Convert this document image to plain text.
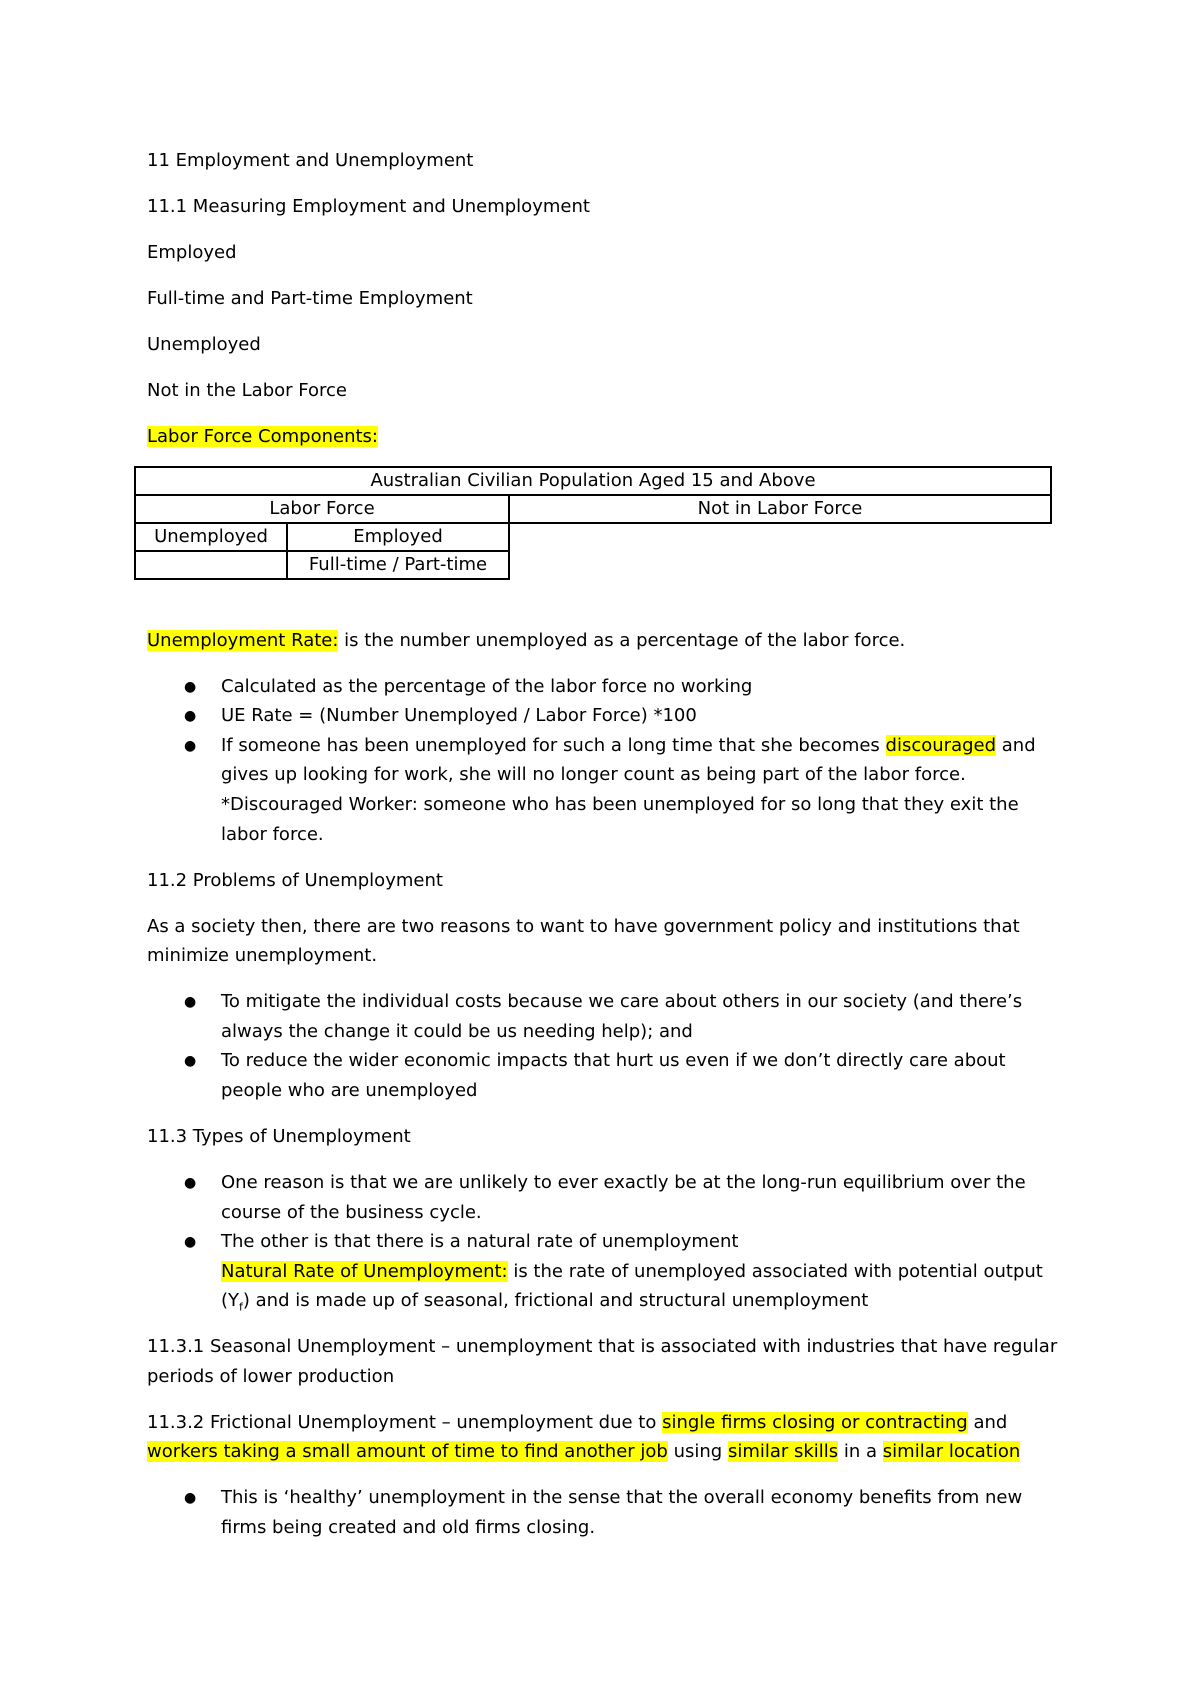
11 Employment and Unemployment

11.1 Measuring Employment and Unemployment

Employed

Full-time and Part-time Employment

Unemployed

Not in the Labor Force

Labor Force Components:

Australian Civilian Population Aged 15 and Above
Labor Force	Not in Labor Force
Unemployed	Employed
Full-time / Part-time

Unemployment Rate: is the number unemployed as a percentage of the labor force.

● Calculated as the percentage of the labor force no working

● UE Rate = (Number Unemployed / Labor Force) *100

● If someone has been unemployed for such a long time that she becomes discouraged and

gives up looking for work, she will no longer count as being part of the labor force.

*Discouraged Worker: someone who has been unemployed for so long that they exit the

labor force.

11.2 Problems of Unemployment

As a society then, there are two reasons to want to have government policy and institutions that

minimize unemployment.

● To mitigate the individual costs because we care about others in our society (and there’s

always the change it could be us needing help); and

● To reduce the wider economic impacts that hurt us even if we don’t directly care about

people who are unemployed

11.3 Types of Unemployment

● One reason is that we are unlikely to ever exactly be at the long-run equilibrium over the

course of the business cycle.

● The other is that there is a natural rate of unemployment

Natural Rate of Unemployment: is the rate of unemployed associated with potential output

$(Y_f)$ and is made up of seasonal, frictional and structural unemployment

11.3.1 Seasonal Unemployment – unemployment that is associated with industries that have regular

periods of lower production

11.3.2 Frictional Unemployment – unemployment due to single firms closing or contracting and

workers taking a small amount of time to find another job using similar skills in a similar location

● This is ‘healthy’ unemployment in the sense that the overall economy benefits from new

firms being created and old firms closing.
